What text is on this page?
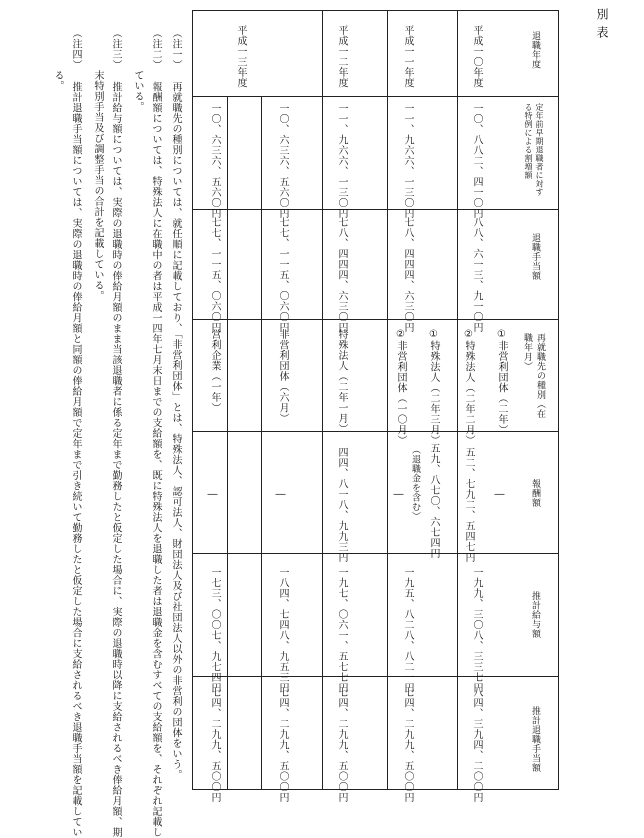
別表
退職年度
定年前早期退職者に対する特例による割増額
退職手当額
再就職先の種別（在職年月）
報酬額
推計給与額
推計退職手当額
平成一〇年度
一〇、八八二、四一〇円
八八、六一三、九一〇円
①非営利団体（二年）
②特殊法人（二年二月）
―
五二、七九二、五四七円
一九九、三〇八、三三七円
八四、三九四、二〇〇円
平成一一年度
一一、九六六、一三〇円
七八、四四四、六三〇円
①特殊法人（二年三月）
②非営利団体（一〇月）
五九、八七〇、六七四円
（退職金を含む）
―
一九五、八二八、八二一円
七四、二九九、五〇〇円
平成一二年度
一一、九六六、一三〇円
七八、四四四、六三〇円
特殊法人（二年一月）
四四、八一八、九九三円
一九七、〇六一、五七七円
七四、二九九、五〇〇円
平成一三年度
一〇、六三六、五六〇円
七七、一一五、〇六〇円
非営利団体（六月）
―
一八四、七四八、九五三円
七四、二九九、五〇〇円
一〇、六三六、五六〇円
七七、一一五、〇六〇円
営利企業（一年）
―
一七三、〇〇七、九七四円
七四、二九九、五〇〇円
（注一） 再就職先の種別については、就任順に記載しており、「非営利団体」とは、特殊法人、認可法人、財団法人及び社団法人以外の非営利の団体をいう。
（注二） 報酬額については、特殊法人に在職中の者は平成一四年七月末日までの支給額を、既に特殊法人を退職した者は退職金を含むすべての支給額を、それぞれ記載し
　　　　ている。
（注三） 推計給与額については、実際の退職時の俸給月額のまま当該退職者に係る定年まで勤務したと仮定した場合に、実際の退職時以降に支給されるべき俸給月額、期
　　　　末特別手当及び調整手当の合計を記載している。
（注四） 推計退職手当額については、実際の退職時の俸給月額と同額の俸給月額で定年まで引き続いて勤務したと仮定した場合に支給されるべき退職手当額を記載してい
　　　　る。
